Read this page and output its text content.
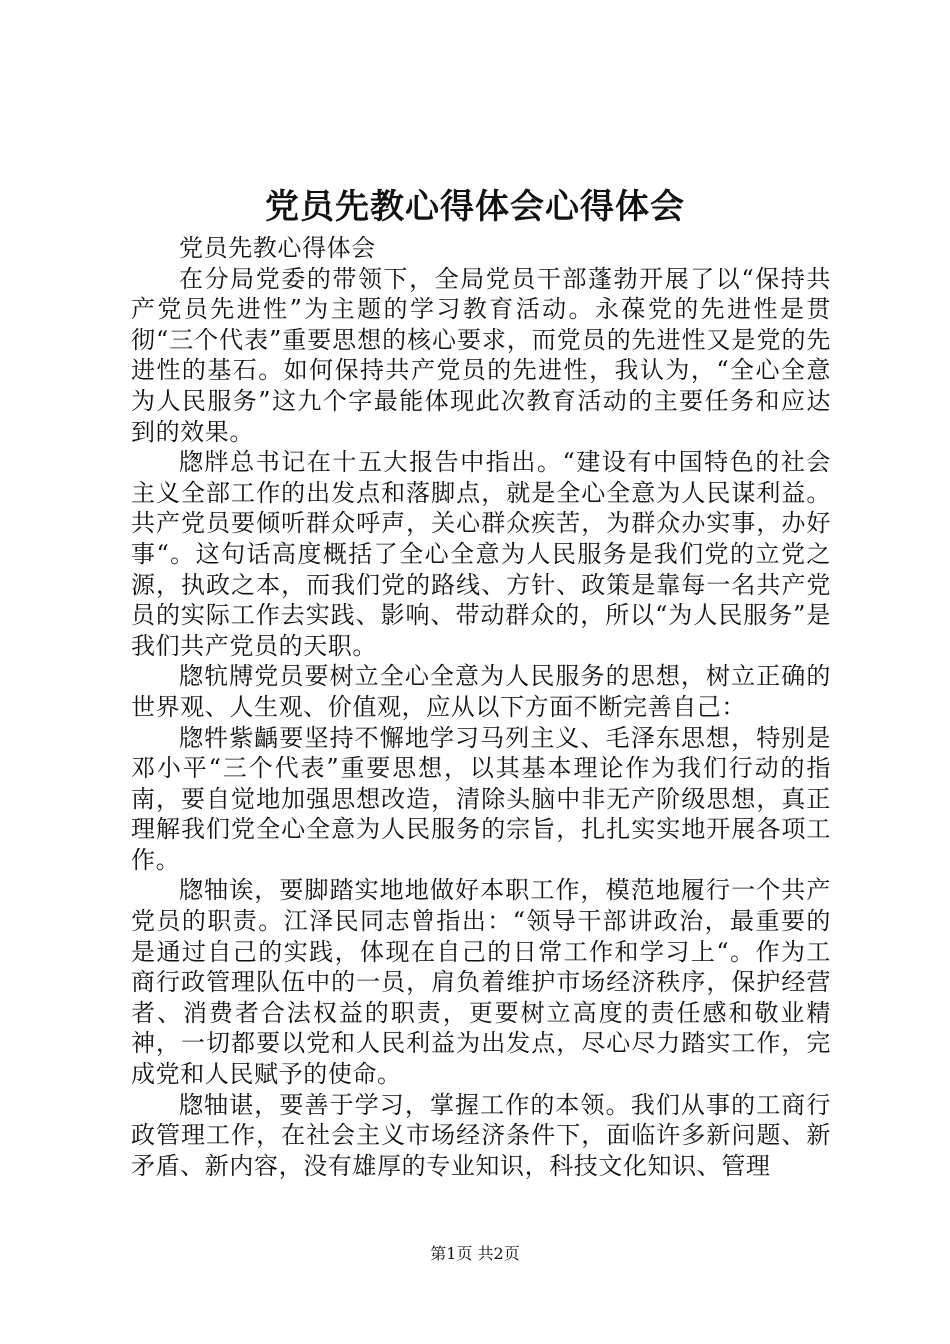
党员先教心得体会心得体会

党员先教心得体会

在分局党委的带领下，全局党员干部蓬勃开展了以“保持共产党员先进性”为主题的学习教育活动。永葆党的先进性是贯彻“三个代表”重要思想的核心要求，而党员的先进性又是党的先进性的基石。如何保持共产党员的先进性，我认为，“全心全意为人民服务”这九个字最能体现此次教育活动的主要任务和应达到的效果。

牎牉总书记在十五大报告中指出。“建设有中国特色的社会主义全部工作的出发点和落脚点，就是全心全意为人民谋利益。共产党员要倾听群众呼声，关心群众疾苦，为群众办实事，办好事“。这句话高度概括了全心全意为人民服务是我们党的立党之源，执政之本，而我们党的路线、方针、政策是靠每一名共产党员的实际工作去实践、影响、带动群众的，所以“为人民服务”是我们共产党员的天职。

牎牨牔党员要树立全心全意为人民服务的思想，树立正确的世界观、人生观、价值观，应从以下方面不断完善自己：

牎牪紫齲要坚持不懈地学习马列主义、毛泽东思想，特别是邓小平“三个代表”重要思想，以其基本理论作为我们行动的指南，要自觉地加强思想改造，清除头脑中非无产阶级思想，真正理解我们党全心全意为人民服务的宗旨，扎扎实实地开展各项工作。

牎牰诶，要脚踏实地地做好本职工作，模范地履行一个共产党员的职责。江泽民同志曾指出：“领导干部讲政治，最重要的是通过自己的实践，体现在自己的日常工作和学习上“。作为工商行政管理队伍中的一员，肩负着维护市场经济秩序，保护经营者、消费者合法权益的职责，更要树立高度的责任感和敬业精神，一切都要以党和人民利益为出发点，尽心尽力踏实工作，完成党和人民赋予的使命。

牎牰谌，要善于学习，掌握工作的本领。我们从事的工商行政管理工作，在社会主义市场经济条件下，面临许多新问题、新矛盾、新内容，没有雄厚的专业知识，科技文化知识、管理

第1页 共2页
